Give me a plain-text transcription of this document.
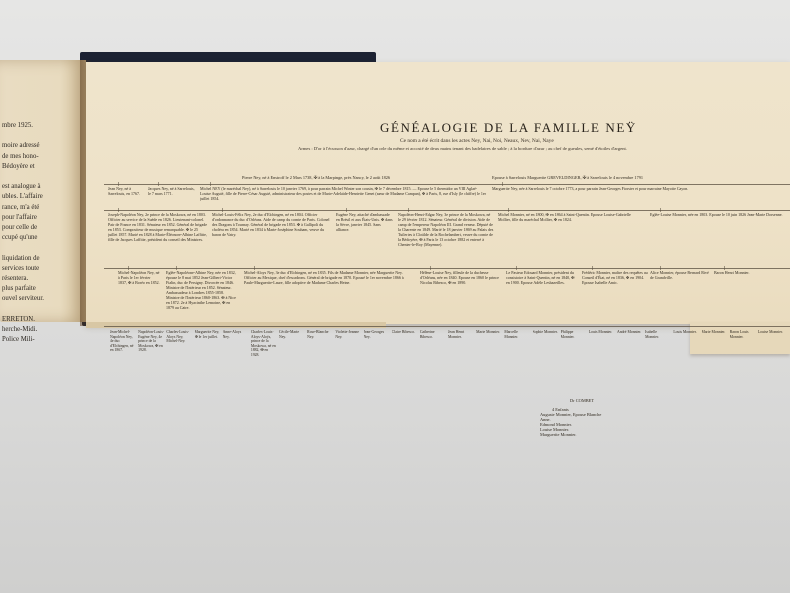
mbre 1925.
moire adressé
de mes hono-
Bédoyère et
est analogue à
ubles. L'affaire
rance, m'a été
pour l'affaire
pour celle de
ccupé qu'une
liquidation de
services toute
résentera.
plus parfaite
ouvel serviteur.
ERRETON.
herche-Midi.
Police Mili-
GÉNÉALOGIE DE LA FAMILLE NEŸ
Ce nom a été écrit dans les actes Ney, Nai, Noi, Neaux, Nev, Nai, Naye
Armes : D'or à l'écusson d'azur, chargé d'un orle du même et accosté de deux mains tenant des badelaires de sable ; à la bordure d'azur ; au chef de gueules, semé d'étoiles d'argent.
Pierre Ney, né à Enstroff le 2 Mars 1738, ✠ à la Marpinge, près Nancy, le 2 août 1826	Epouse à Sarrelouis Marguerite GREVELDINGER, ✠ à Sarrelouis le 4 novembre 1791
Jean Ney, né à Sarrelouis, en 1767.
Jacques Ney, né à Sarrelouis, le 7 mars 1771.
Michel NEY (le maréchal Ney), né à Sarrelouis le 10 janvier 1769, à pour parrain Michel Winter son cousin, ✠ le 7 décembre 1815. — Epouse le 5 thermidor an VIII Aglaé-Louise Auguié, fille de Pierre-César Auguié, administrateur des postes et de Marie-Adelaïde-Henriette Genet (sœur de Madame Campan), ✠ à Paris, 8, rue d'Isly (le chiffre) le 1er juillet 1854.
Marguerite Ney, née à Sarrelouis le 7 octobre 1773, a pour parrain Jean-Georges Fiorster et pour marraine Mayotte Cayon.
Joseph-Napoléon Ney, 2e prince de la Moskowa, né en 1803. Officier au service de la Suède en 1826. Lieutenant-colonel. Pair de France en 1831. Sénateur en 1852. Général de brigade en 1853. Compositeur de musique remarquable. ✠ le 25 juillet 1857. Marié en 1828 à Marie-Éléonore-Albine Laffitte, fille de Jacques Laffitte, président du conseil des Ministres.
Michel-Louis-Félix Ney, 2e duc d'Elchingen, né en 1804. Officier d'ordonnance du duc d'Orléans. Aide de camp du comte de Paris. Colonel des Dragons à Tournay. Général de brigade en 1853. ✠ à Gallipoli du choléra en 1854. Marié en 1834 à Marie-Joséphine Souham, veuve du baron de Vatry.
Eugène Ney, attaché d'ambassade en Brésil et aux États-Unis. ✠ dans la Sèvre, janvier 1845. Sans alliance.
Napoléon-Henri-Edgar Ney, 3e prince de la Moskowa, né le 29 février 1812. Sénateur. Général de division. Aide de camp de l'empereur Napoléon III. Grand veneur. Député de la Charente en 1849. Marié le 18 janvier 1869 au Palais des Tuileries à Clotilde de la Rochelambert, veuve du comte de la Bédoyère, ✠ à Paris le 13 octobre 1882 et enterré à Chenier-le-Roy (Mayenne).
Michel Monnier, né en 1800, ✠ en 1864 à Saint-Quentin. Epouse Louise-Gabrielle Mollier, fille du maréchal Mollier, ✠ en 1824.
Eglée-Louise Monnier, née en 1803. Epouse le 10 juin 1826 Jean-Marie Dorsenne.
Michel-Napoléon Ney, né à Paris le 1er février 1837, ✠ à Boréo en 1852.
Eglée-Napoléone-Albine Ney, née en 1832, épouse le 8 mai 1852 Jean-Gilbert-Victor Fialin, duc de Persigny. Divorcée en 1846. Ministre de l'Intérieur en 1852. Sénateur. Ambassadeur à Londres 1855-1858. Ministre de l'Intérieur 1860-1863. ✠ à Nice en 1872. 2e à Hyacinthe Lemoine, ✠ en 1879 au Caire.
Michel-Aloys Ney, 3e duc d'Elchingen, né en 1835. Fils de Madame Monnier, née Marguerite Ney. Officier au Mexique, chef d'escadrons. Général de brigade en 1870. Epousé le 1er novembre 1866 à Paule-Marguerite-Laure, fille adoptive de Madame Charles Heine.
Hélène-Louise Ney, filleule de la duchesse d'Orléans, née en 1840. Epouse en 1860 le prince Nicolas Bibesco, ✠ en 1890.
Le Pasteur Edouard Monnier, président du consistoire à Saint-Quentin, né en 1840, ✠ en 1900. Epouse Adèle Lesbazeilles.
Frédéric Monnier, maître des requêtes au Conseil d'État, né en 1836, ✠ en 1904. Epouse Isabelle Amic.
Alice Monnier, épouse Bernard Rivé de Grandville.
Baron Henri Monnier.
Jean-Michel-Napoléon Ney, 4e duc d'Elchingen, né en 1867.
Napoléon-Louis-Eugène Ney, 4e prince de la Moskowa, ✠ en 1928.
Charles-Louis-Aloys Ney, Michel-Ney.
Marguerite Ney, ✠ le 1er juillet.
Anne-Aloys Ney.
Charles-Louis-Aloys-Aloÿs, prince de la Moskowa, né en 1882, ✠ en 1928.
Cécile-Marie Ney.
Rose-Blanche Ney.
Violette-Jeanne Ney.
Jean-Georges Ney.
Claire Bibesco.	Catherine Bibesco.
Jean Henri Monnier.
Marie Monnier.	Marcelle Monnier.
Sophie Monnier. Philippe Monnier.
Louis Monnier.	André Monnier.	Isabelle Monnier.
Louis Monnier.	Marie Monnier.	Baron Louis Monnier.
Louise Monnier.
Dr COMBET
4 Enfants
Auguste Monnier, Epouse Blanche
Anne.
Edmond Monnier.
Louise Monnier.
Marguerite Monnier.
